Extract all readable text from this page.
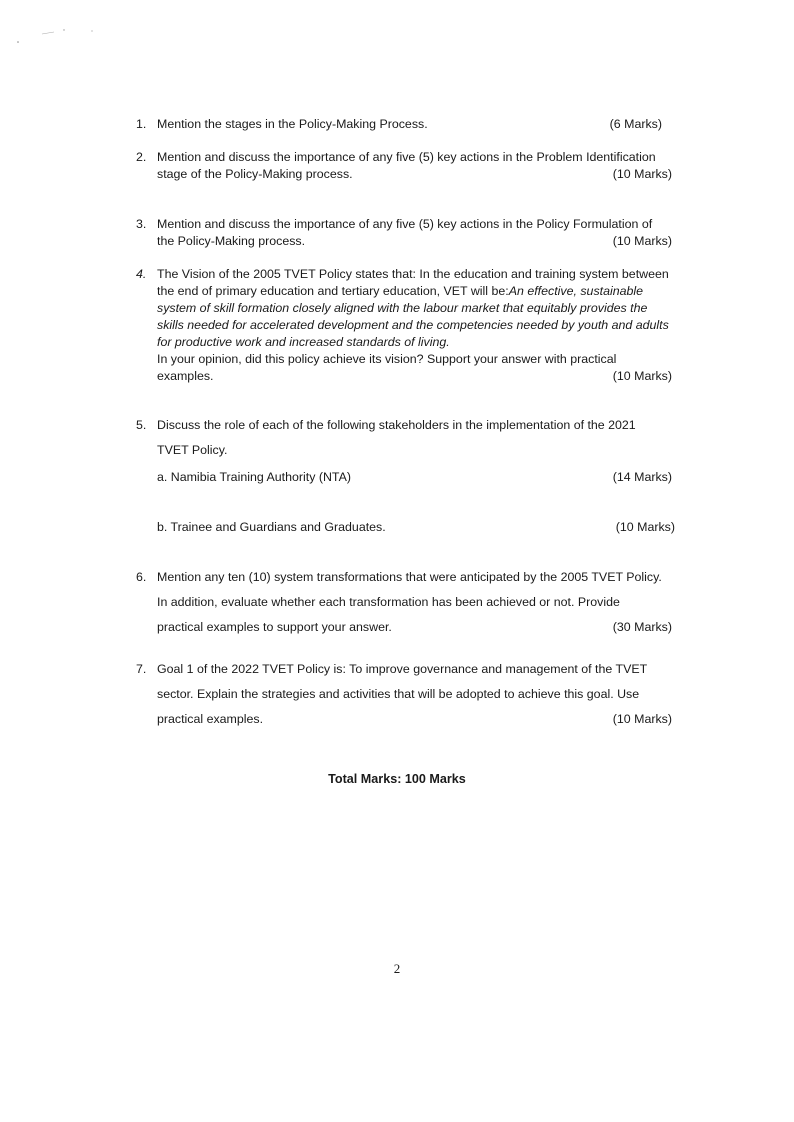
1. Mention the stages in the Policy-Making Process.	(6 Marks)
2. Mention and discuss the importance of any five (5) key actions in the Problem Identification
stage of the Policy-Making process.	(10 Marks)
3. Mention and discuss the importance of any five (5) key actions in the Policy Formulation of
the Policy-Making process.	(10 Marks)
4. The Vision of the 2005 TVET Policy states that: In the education and training system between
the end of primary education and tertiary education, VET will be: An effective, sustainable
system of skill formation closely aligned with the labour market that equitably provides the
skills needed for accelerated development and the competencies needed by youth and adults
for productive work and increased standards of living.
In your opinion, did this policy achieve its vision? Support your answer with practical
examples.	(10 Marks)
5. Discuss the role of each of the following stakeholders in the implementation of the 2021
TVET Policy.
a. Namibia Training Authority (NTA)	(14 Marks)
b. Trainee and Guardians and Graduates.	(10 Marks)
6. Mention any ten (10) system transformations that were anticipated by the 2005 TVET Policy.
In addition, evaluate whether each transformation has been achieved or not. Provide
practical examples to support your answer.	(30 Marks)
7. Goal 1 of the 2022 TVET Policy is: To improve governance and management of the TVET
sector. Explain the strategies and activities that will be adopted to achieve this goal. Use
practical examples.	(10 Marks)
Total Marks: 100 Marks
2
